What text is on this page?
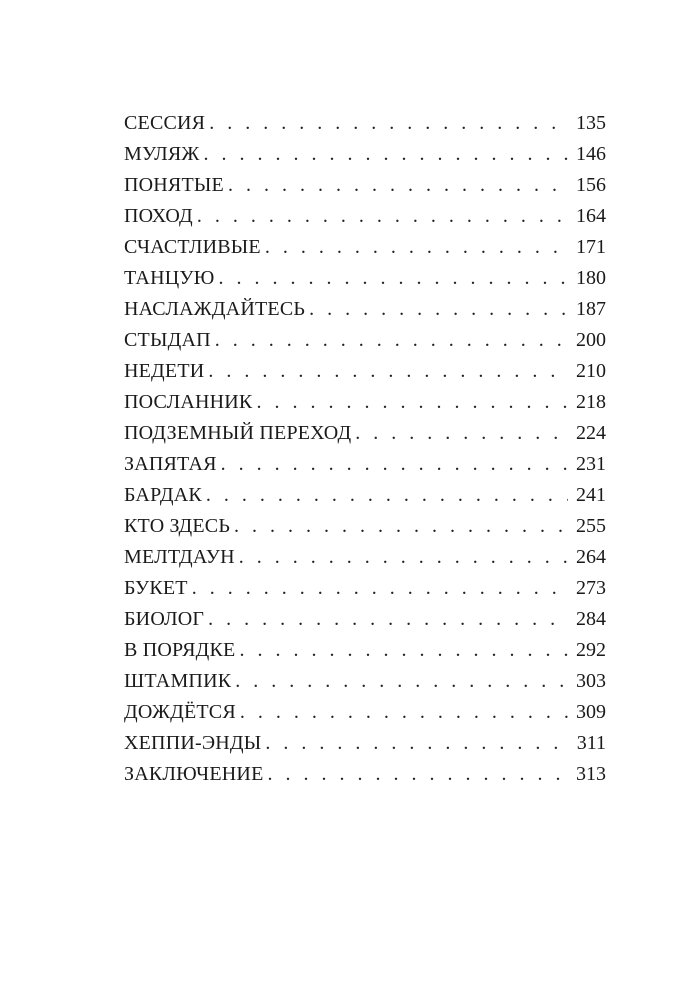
СЕССИЯ . . .	135
МУЛЯЖ . . .	146
ПОНЯТЫЕ . . .	156
ПОХОД . . .	164
СЧАСТЛИВЫЕ . . .	171
ТАНЦУЮ . . .	180
НАСЛАЖДАЙТЕСЬ . . .	187
СТЫДАП . . .	200
НЕДЕТИ . . .	210
ПОСЛАННИК . . .	218
ПОДЗЕМНЫЙ ПЕРЕХОД . . .	224
ЗАПЯТАЯ . . .	231
БАРДАК . . .	241
КТО ЗДЕСЬ . . .	255
МЕЛТДАУН . . .	264
БУКЕТ . . .	273
БИОЛОГ . . .	284
В ПОРЯДКЕ . . .	292
ШТАМПИК . . .	303
ДОЖДЁТСЯ . . .	309
ХЕППИ-ЭНДЫ . . .	311
ЗАКЛЮЧЕНИЕ . . .	313
